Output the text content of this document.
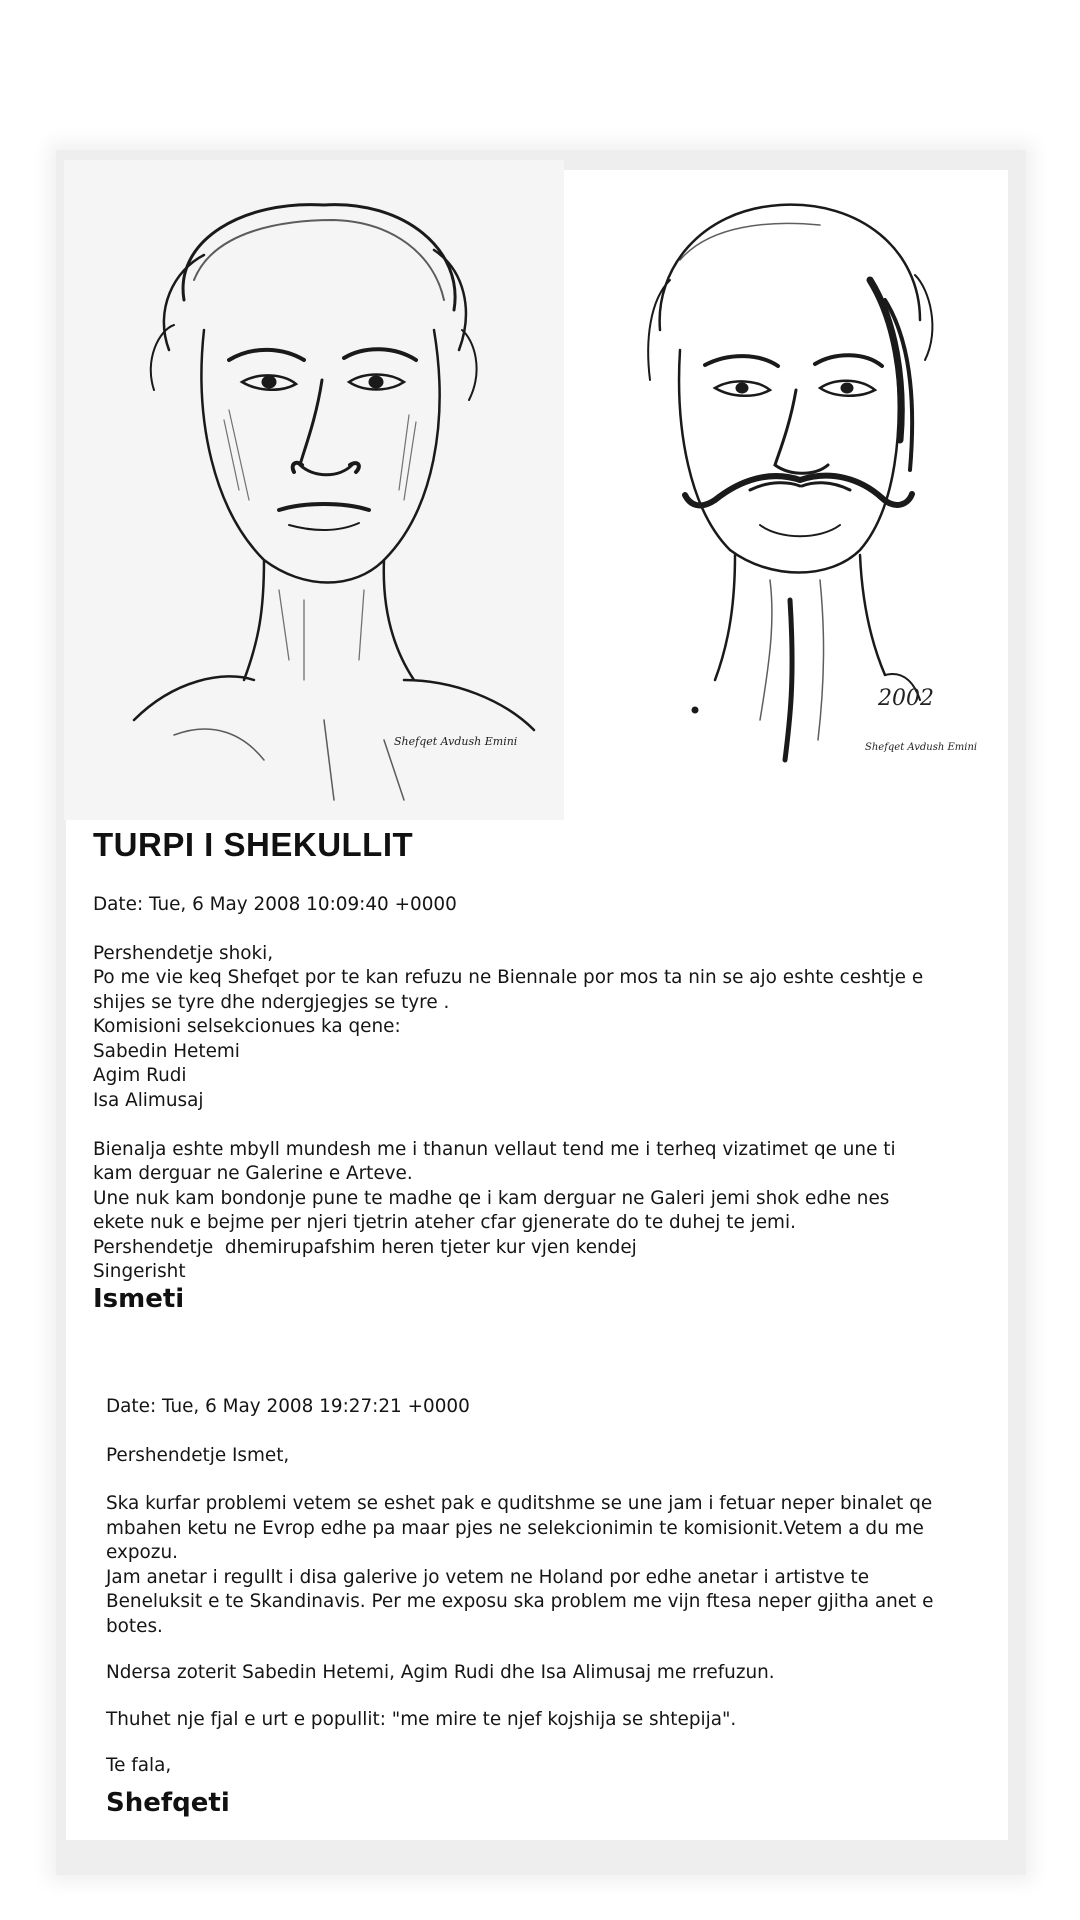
Shefqet Avdush Emini
2002
Shefqet Avdush Emini
TURPI I SHEKULLIT
Date: Tue, 6 May 2008 10:09:40 +0000
Pershendetje shoki,
Po me vie keq Shefqet por te kan refuzu ne Biennale por mos ta nin se ajo eshte ceshtje e
shijes se tyre dhe ndergjegjes se tyre .
Komisioni selsekcionues ka qene:
Sabedin Hetemi
Agim Rudi
Isa Alimusaj
Bienalja eshte mbyll mundesh me i thanun vellaut tend me i terheq vizatimet qe une ti
kam derguar ne Galerine e Arteve.
Une nuk kam bondonje pune te madhe qe i kam derguar ne Galeri jemi shok edhe nes
ekete nuk e bejme per njeri tjetrin ateher cfar gjenerate do te duhej te jemi.
Pershendetje  dhemirupafshim heren tjeter kur vjen kendej
Singerisht
Ismeti
Date: Tue, 6 May 2008 19:27:21 +0000
Pershendetje Ismet,
Ska kurfar problemi vetem se eshet pak e quditshme se une jam i fetuar neper binalet qe
mbahen ketu ne Evrop edhe pa maar pjes ne selekcionimin te komisionit.Vetem a du me
expozu.
Jam anetar i regullt i disa galerive jo vetem ne Holand por edhe anetar i artistve te
Beneluksit e te Skandinavis. Per me exposu ska problem me vijn ftesa neper gjitha anet e
botes.
Ndersa zoterit Sabedin Hetemi, Agim Rudi dhe Isa Alimusaj me rrefuzun.
Thuhet nje fjal e urt e popullit: "me mire te njef kojshija se shtepija".
Te fala,
Shefqeti
